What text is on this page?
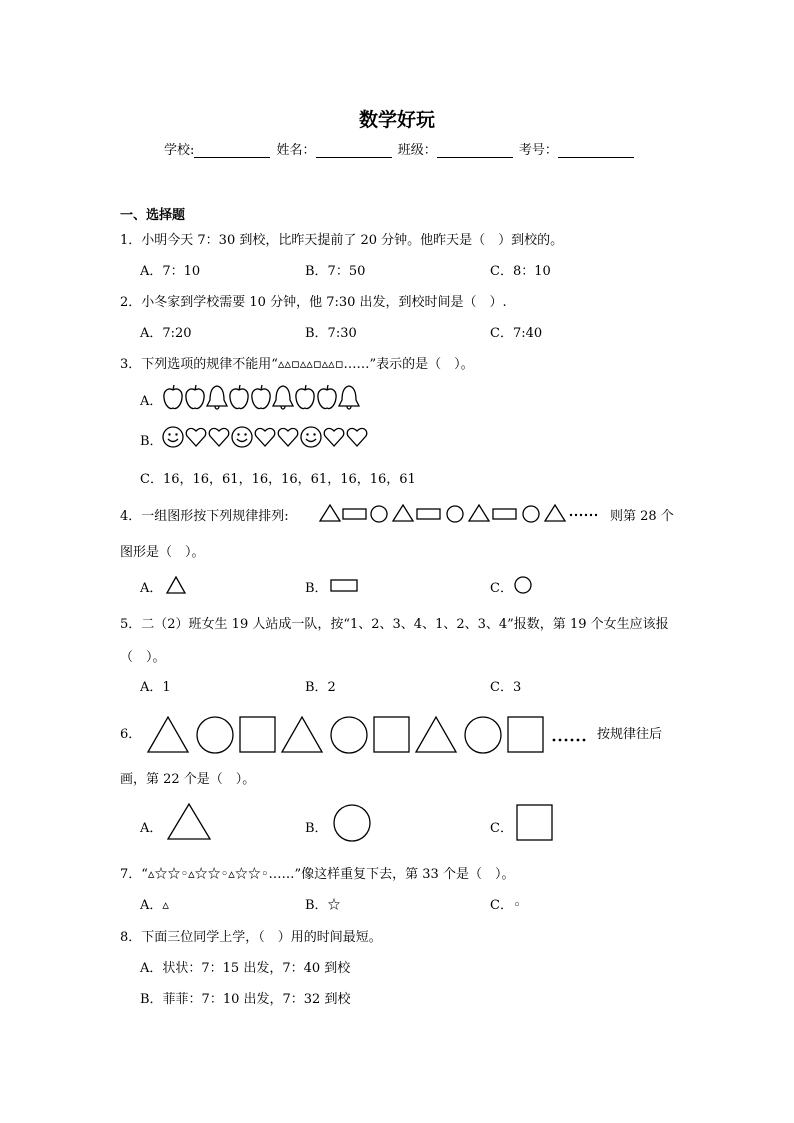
数学好玩
学校:	姓名：	班级：	考号：
一、选择题
1．小明今天 7：30 到校，比昨天提前了 20 分钟。他昨天是（　）到校的。
A．7：10	B．7：50	C．8：10
2．小冬家到学校需要 10 分钟，他 7:30 出发，到校时间是（　）.
A．7:20	B．7:30	C．7:40
3．下列选项的规律不能用“▵▵▫▵▵▫▵▵▫……”表示的是（　）。
A．
B．
C．16，16，61，16，16，61，16，16，61
4．一组图形按下列规律排列:	则第 28 个
图形是（　）。
A．	B．	C．
5．二（2）班女生 19 人站成一队，按“1、2、3、4、1、2、3、4”报数，第 19 个女生应该报
（　）。
A．1	B．2	C．3
6．	按规律往后
画，第 22 个是（　）。
A．	B．	C．
7．“▵☆☆◦▵☆☆◦▵☆☆◦……”像这样重复下去，第 33 个是（　）。
A．▵	B．☆	C．◦
8．下面三位同学上学，（　）用的时间最短。
A．状状：7：15 出发，7：40 到校
B．菲菲：7：10 出发，7：32 到校
